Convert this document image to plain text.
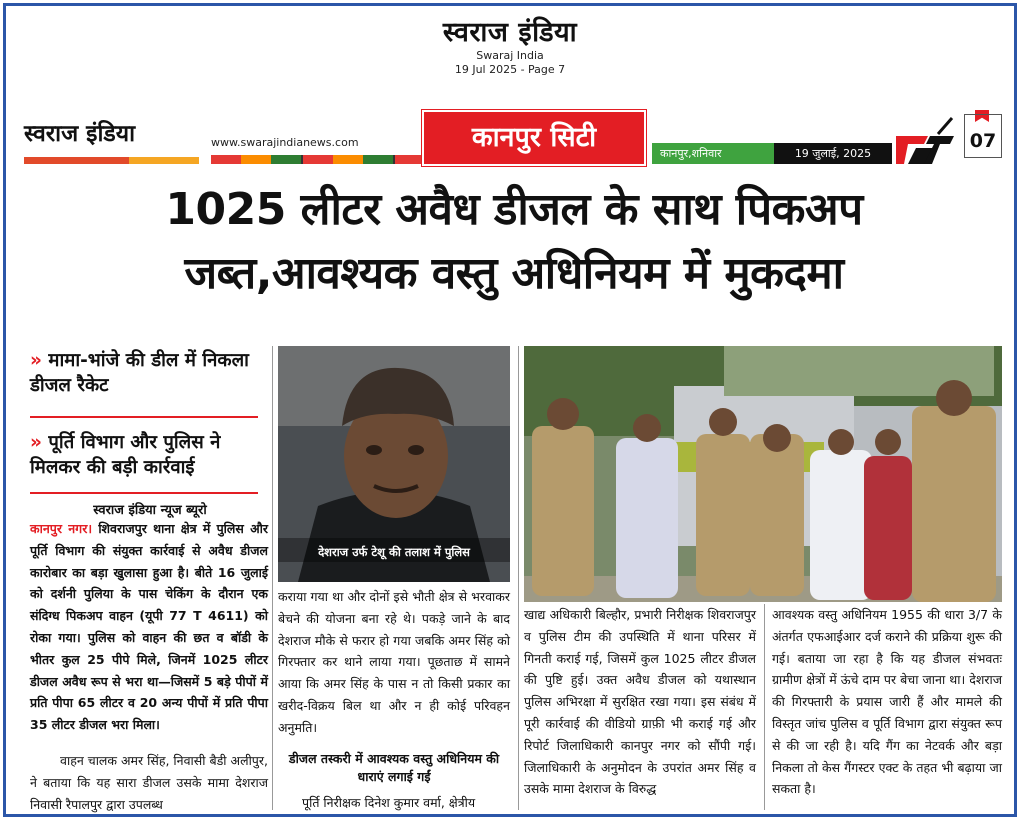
स्वराज इंडिया
Swaraj India
19 Jul 2025 - Page 7
स्वराज इंडिया	www.swarajindianews.com	कानपुर सिटी
कानपुर,शनिवार	19 जुलाई, 2025
07
1025 लीटर अवैध डीजल के साथ पिकअप
जब्त,आवश्यक वस्तु अधिनियम में मुकदमा
» मामा-भांजे की डील में निकला डीजल रैकेट
» पूर्ति विभाग और पुलिस ने मिलकर की बड़ी कार्रवाई
स्वराज इंडिया न्यूज ब्यूरो
कानपुर नगर। शिवराजपुर थाना क्षेत्र में पुलिस और पूर्ति विभाग की संयुक्त कार्रवाई से अवैध डीजल कारोबार का बड़ा खुलासा हुआ है। बीते 16 जुलाई को दर्शनी पुलिया के पास चेकिंग के दौरान एक संदिग्ध पिकअप वाहन (यूपी 77 T 4611) को रोका गया। पुलिस को वाहन की छत व बॉडी के भीतर कुल 25 पीपे मिले, जिनमें 1025 लीटर डीजल अवैध रूप से भरा था—जिसमें 5 बड़े पीपों में प्रति पीपा 65 लीटर व 20 अन्य पीपों में प्रति पीपा 35 लीटर डीजल भरा मिला।
वाहन चालक अमर सिंह, निवासी बैडी अलीपुर, ने बताया कि यह सारा डीजल उसके मामा देशराज निवासी रैपालपुर द्वारा उपलब्ध
देशराज उर्फ टेशू की तलाश में पुलिस
कराया गया था और दोनों इसे भौती क्षेत्र से भरवाकर बेचने की योजना बना रहे थे। पकड़े जाने के बाद देशराज मौके से फरार हो गया जबकि अमर सिंह को गिरफ्तार कर थाने लाया गया। पूछताछ में सामने आया कि अमर सिंह के पास न तो किसी प्रकार का खरीद-विक्रय बिल था और न ही कोई परिवहन अनुमति।
डीजल तस्करी में आवश्यक वस्तु अधिनियम की धाराएं लगाई गईं
पूर्ति निरीक्षक दिनेश कुमार वर्मा, क्षेत्रीय
खाद्य अधिकारी बिल्हौर, प्रभारी निरीक्षक शिवराजपुर व पुलिस टीम की उपस्थिति में थाना परिसर में गिनती कराई गई, जिसमें कुल 1025 लीटर डीजल की पुष्टि हुई। उक्त अवैध डीजल को यथास्थान पुलिस अभिरक्षा में सुरक्षित रखा गया। इस संबंध में पूरी कार्रवाई की वीडियो ग्राफ़ी भी कराई गई और रिपोर्ट जिलाधिकारी कानपुर नगर को सौंपी गई। जिलाधिकारी के अनुमोदन के उपरांत अमर सिंह व उसके मामा देशराज के विरुद्ध
आवश्यक वस्तु अधिनियम 1955 की धारा 3/7 के अंतर्गत एफआईआर दर्ज कराने की प्रक्रिया शुरू की गई। बताया जा रहा है कि यह डीजल संभवतः ग्रामीण क्षेत्रों में ऊंचे दाम पर बेचा जाना था। देशराज की गिरफ्तारी के प्रयास जारी हैं और मामले की विस्तृत जांच पुलिस व पूर्ति विभाग द्वारा संयुक्त रूप से की जा रही है। यदि गैंग का नेटवर्क और बड़ा निकला तो केस गैंगस्टर एक्ट के तहत भी बढ़ाया जा सकता है।
